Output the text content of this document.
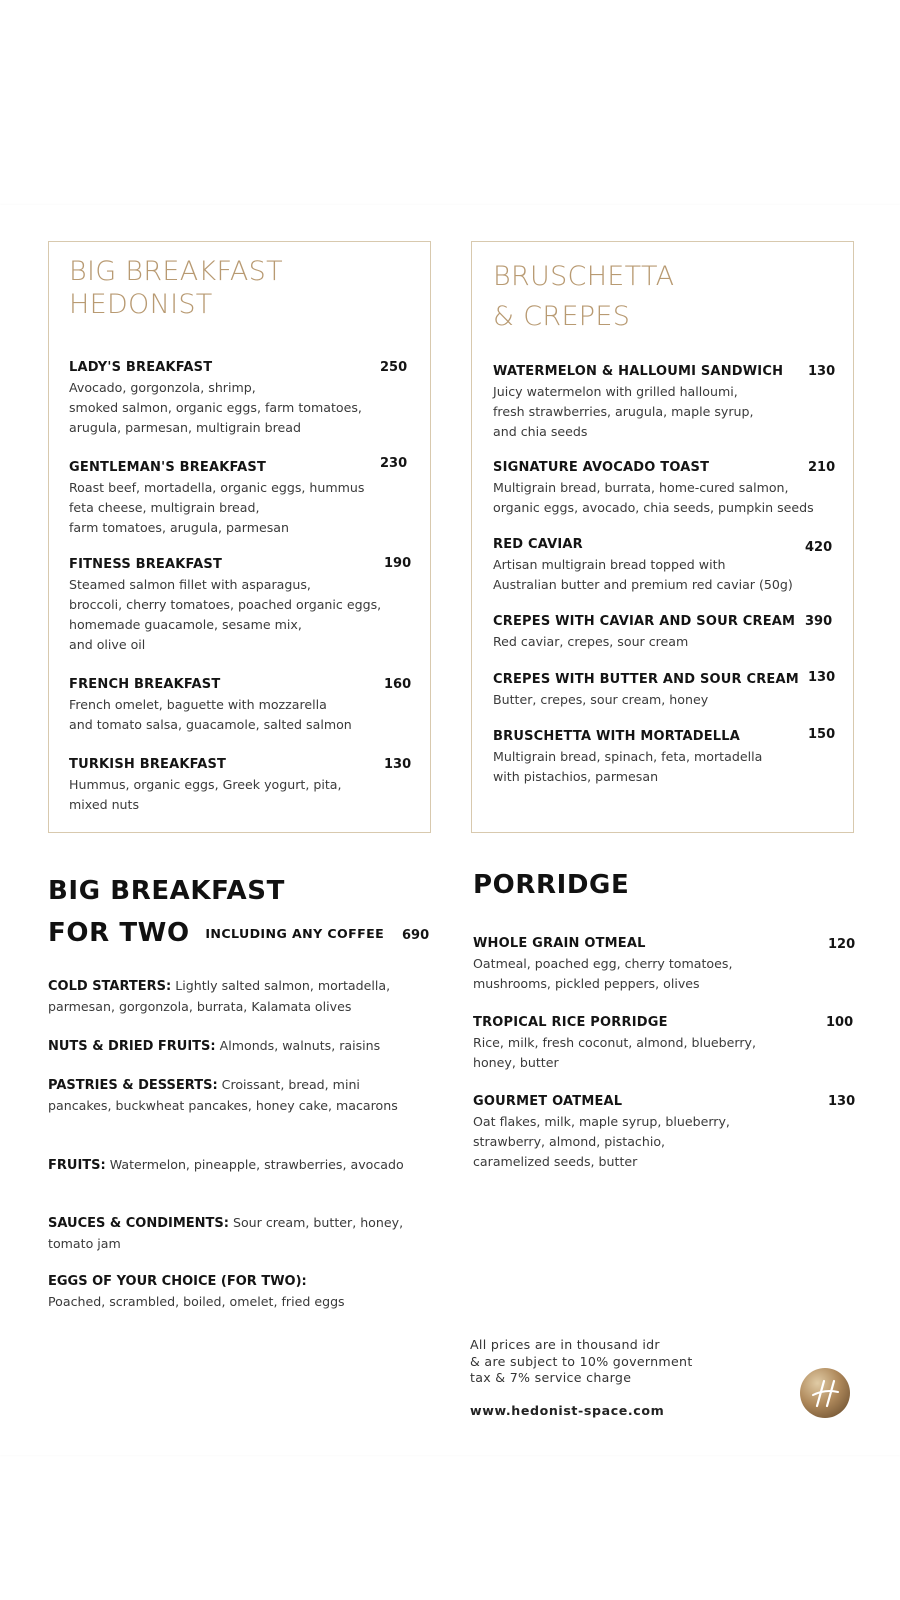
BIG BREAKFAST
HEDONIST
LADY'S BREAKFAST
Avocado, gorgonzola, shrimp,
smoked salmon, organic eggs, farm tomatoes,
arugula, parmesan, multigrain bread
250
GENTLEMAN'S BREAKFAST
Roast beef, mortadella, organic eggs, hummus
feta cheese, multigrain bread,
farm tomatoes, arugula, parmesan
230
FITNESS BREAKFAST
Steamed salmon fillet with asparagus,
broccoli, cherry tomatoes, poached organic eggs,
homemade guacamole, sesame mix,
and olive oil
190
FRENCH BREAKFAST
French omelet, baguette with mozzarella
and tomato salsa, guacamole, salted salmon
160
TURKISH BREAKFAST
Hummus, organic eggs, Greek yogurt, pita,
mixed nuts
130
BRUSCHETTA
& CREPES
WATERMELON & HALLOUMI SANDWICH
Juicy watermelon with grilled halloumi,
fresh strawberries, arugula, maple syrup,
and chia seeds
130
SIGNATURE AVOCADO TOAST
Multigrain bread, burrata, home-cured salmon,
organic eggs, avocado, chia seeds, pumpkin seeds
210
RED CAVIAR
Artisan multigrain bread topped with
Australian butter and premium red caviar (50g)
420
CREPES WITH CAVIAR AND SOUR CREAM
Red caviar, crepes, sour cream
390
CREPES WITH BUTTER AND SOUR CREAM
Butter, crepes, sour cream, honey
130
BRUSCHETTA WITH MORTADELLA
Multigrain bread, spinach, feta, mortadella
with pistachios, parmesan
150
BIG BREAKFAST
FOR TWO INCLUDING ANY COFFEE 690
COLD STARTERS: Lightly salted salmon, mortadella, parmesan, gorgonzola, burrata, Kalamata olives
NUTS & DRIED FRUITS: Almonds, walnuts, raisins
PASTRIES & DESSERTS: Croissant, bread, mini pancakes, buckwheat pancakes, honey cake, macarons
FRUITS: Watermelon, pineapple, strawberries, avocado
SAUCES & CONDIMENTS: Sour cream, butter, honey, tomato jam
EGGS OF YOUR CHOICE (FOR TWO):
Poached, scrambled, boiled, omelet, fried eggs
PORRIDGE
WHOLE GRAIN OTMEAL
Oatmeal, poached egg, cherry tomatoes,
mushrooms, pickled peppers, olives
120
TROPICAL RICE PORRIDGE
Rice, milk, fresh coconut, almond, blueberry,
honey, butter
100
GOURMET OATMEAL
Oat flakes, milk, maple syrup, blueberry,
strawberry, almond, pistachio,
caramelized seeds, butter
130
All prices are in thousand idr
& are subject to 10% government
tax & 7% service charge
www.hedonist-space.com
